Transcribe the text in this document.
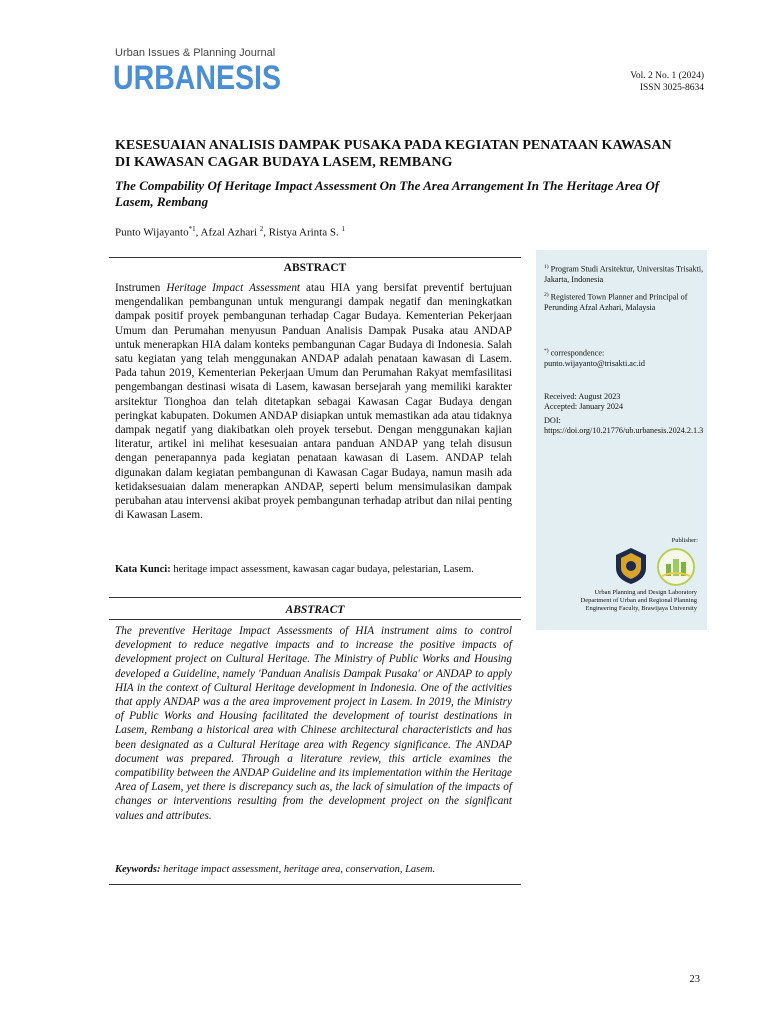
Urban Issues & Planning Journal
URBANESIS	Vol. 2 No. 1 (2024)
ISSN 3025-8634
KESESUAIAN ANALISIS DAMPAK PUSAKA PADA KEGIATAN PENATAAN KAWASAN DI KAWASAN CAGAR BUDAYA LASEM, REMBANG
The Compability Of Heritage Impact Assessment On The Area Arrangement In The Heritage Area Of Lasem, Rembang
Punto Wijayanto$^{*1}$, Afzal Azhari $^2$, Ristya Arinta S. $^1$
ABSTRACT
Instrumen Heritage Impact Assessment atau HIA yang bersifat preventif bertujuan mengendalikan pembangunan untuk mengurangi dampak negatif dan meningkatkan dampak positif proyek pembangunan terhadap Cagar Budaya. Kementerian Pekerjaan Umum dan Perumahan menyusun Panduan Analisis Dampak Pusaka atau ANDAP untuk menerapkan HIA dalam konteks pembangunan Cagar Budaya di Indonesia. Salah satu kegiatan yang telah menggunakan ANDAP adalah penataan kawasan di Lasem. Pada tahun 2019, Kementerian Pekerjaan Umum dan Perumahan Rakyat memfasilitasi pengembangan destinasi wisata di Lasem, kawasan bersejarah yang memiliki karakter arsitektur Tionghoa dan telah ditetapkan sebagai Kawasan Cagar Budaya dengan peringkat kabupaten. Dokumen ANDAP disiapkan untuk memastikan ada atau tidaknya dampak negatif yang diakibatkan oleh proyek tersebut. Dengan menggunakan kajian literatur, artikel ini melihat kesesuaian antara panduan ANDAP yang telah disusun dengan penerapannya pada kegiatan penataan kawasan di Lasem. ANDAP telah digunakan dalam kegiatan pembangunan di Kawasan Cagar Budaya, namun masih ada ketidaksesuaian dalam menerapkan ANDAP, seperti belum mensimulasikan dampak perubahan atau intervensi akibat proyek pembangunan terhadap atribut dan nilai penting di Kawasan Lasem.
Kata Kunci: heritage impact assessment, kawasan cagar budaya, pelestarian, Lasem.
ABSTRACT
The preventive Heritage Impact Assessments of HIA instrument aims to control development to reduce negative impacts and to increase the positive impacts of development project on Cultural Heritage. The Ministry of Public Works and Housing developed a Guideline, namely 'Panduan Analisis Dampak Pusaka' or ANDAP to apply HIA in the context of Cultural Heritage development in Indonesia. One of the activities that apply ANDAP was a the area improvement project in Lasem. In 2019, the Ministry of Public Works and Housing facilitated the development of tourist destinations in Lasem, Rembang a historical area with Chinese architectural characteristicts and has been designated as a Cultural Heritage area with Regency significance. The ANDAP document was prepared. Through a literature review, this article examines the compatibility between the ANDAP Guideline and its implementation within the Heritage Area of Lasem, yet there is discrepancy such as, the lack of simulation of the impacts of changes or interventions resulting from the development project on the significant values and attributes.
Keywords: heritage impact assessment, heritage area, conservation, Lasem.
$^{1)}$ Program Studi Arsitektur, Universitas Trisakti, Jakarta, Indonesia
$^{2)}$ Registered Town Planner and Principal of Perunding Afzal Azhari, Malaysia
*) correspondence:
punto.wijayanto@trisakti.ac.id
Received: August 2023
Accepted: January 2024
DOI:
https://doi.org/10.21776/ub.urbanesis.2024.2.1.3
Publisher:
Urban Planning and Design Laboratory
Department of Urban and Regional Planning
Engineering Faculty, Brawijaya University
23
